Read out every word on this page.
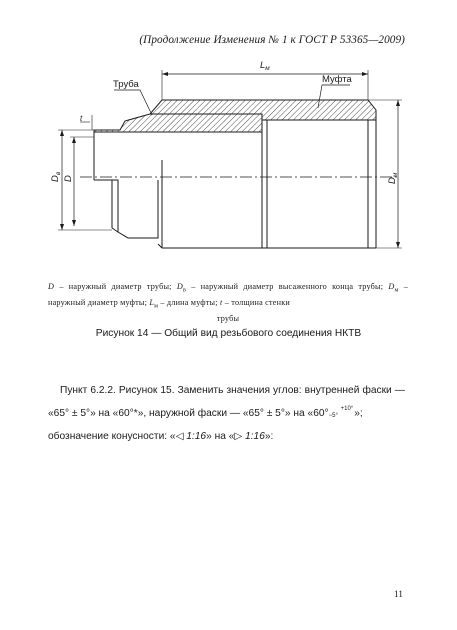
(Продолжение Изменения № 1 к ГОСТ Р 53365—2009)
Труба	Муфта
$L_м$
t
$D_в$
D	$D_м$
D – наружный диаметр трубы; $D_в$ – наружный диаметр высаженного конца трубы; $D_м$ – наружный диаметр муфты; $L_м$ – длина муфты; t – толщина стенки
трубы
Рисунок 14 — Общий вид резьбового соединения НКТВ
Пункт 6.2.2. Рисунок 15. Заменить значения углов: внутренней фаски — «65° ± 5°» на «60°*», наружной фаски — «65° ± 5°» на «60° +10°
−5° »;
обозначение конусности: «◁ 1:16» на «▷ 1:16»:
11
